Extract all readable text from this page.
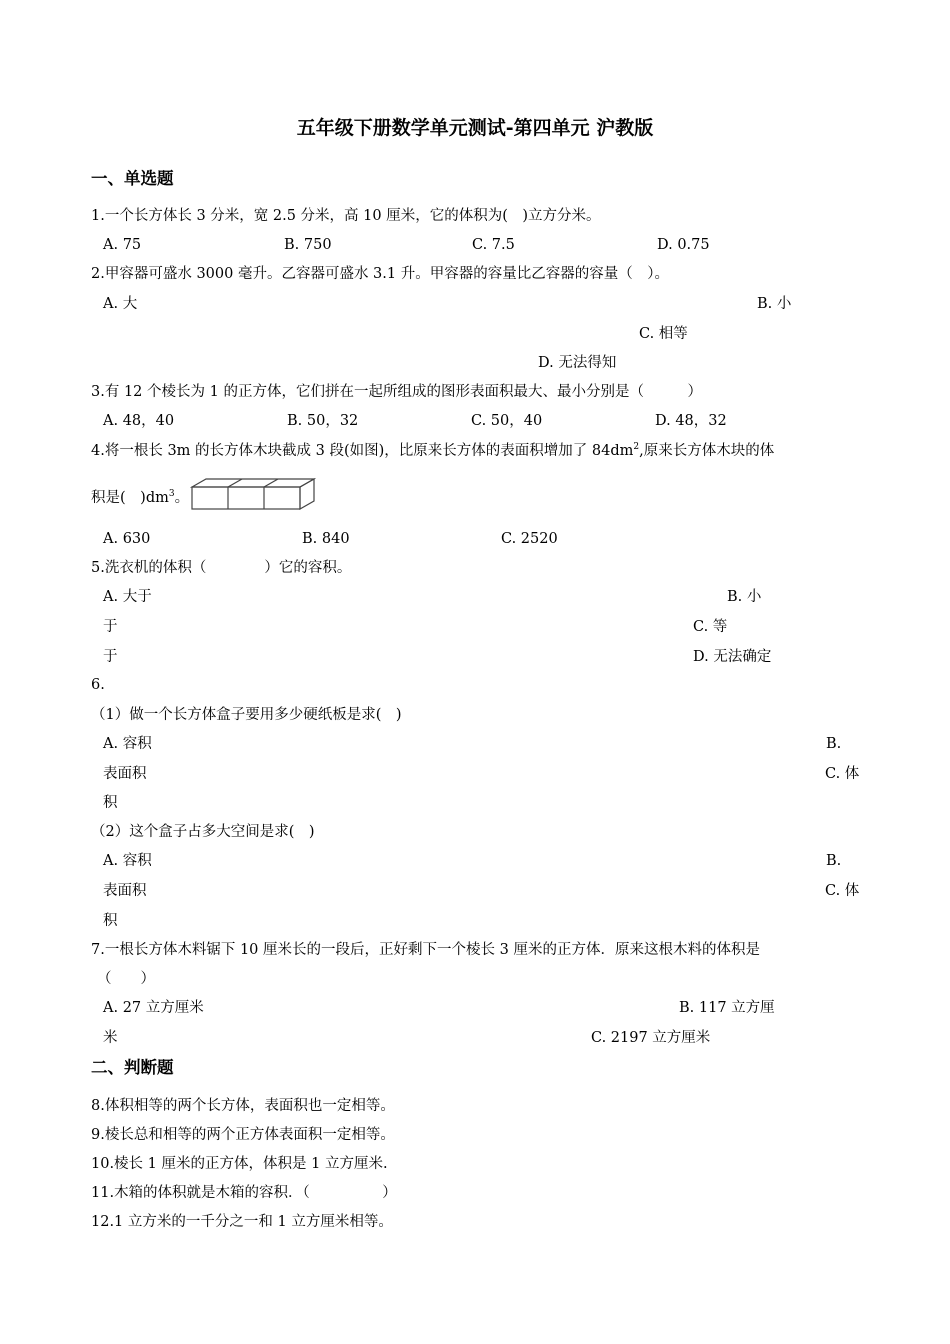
五年级下册数学单元测试-第四单元 沪教版
一、单选题
1.一个长方体长 3 分米，宽 2.5 分米，高 10 厘米，它的体积为(　)立方分米。
A. 75	B. 750	C. 7.5	D. 0.75
2.甲容器可盛水 3000 毫升。乙容器可盛水 3.1 升。甲容器的容量比乙容器的容量（　）。
A. 大	B. 小
C. 相等
D. 无法得知
3.有 12 个棱长为 1 的正方体，它们拼在一起所组成的图形表面积最大、最小分别是（　　　）
A. 48，40	B. 50，32	C. 50，40	D. 48，32
4.将一根长 3m 的长方体木块截成 3 段(如图)，比原来长方体的表面积增加了 $84dm^2$,原来长方体木块的体
积是(　)$dm^3$。
A. 630	B. 840	C. 2520
5.洗衣机的体积（　　　　）它的容积。
A. 大于	B. 小
于	C. 等
于	D. 无法确定
6.
（1）做一个长方体盒子要用多少硬纸板是求(　)
A. 容积	B.
表面积	C. 体
积
（2）这个盒子占多大空间是求(　)
A. 容积	B.
表面积	C. 体
积
7.一根长方体木料锯下 10 厘米长的一段后，正好剩下一个棱长 3 厘米的正方体．原来这根木料的体积是
（　　）
A. 27 立方厘米	B. 117 立方厘
米	C. 2197 立方厘米
二、判断题
8.体积相等的两个长方体，表面积也一定相等。
9.棱长总和相等的两个正方体表面积一定相等。
10.棱长 1 厘米的正方体，体积是 1 立方厘米.
11.木箱的体积就是木箱的容积．（　　　　　）
12.1 立方米的一千分之一和 1 立方厘米相等。
